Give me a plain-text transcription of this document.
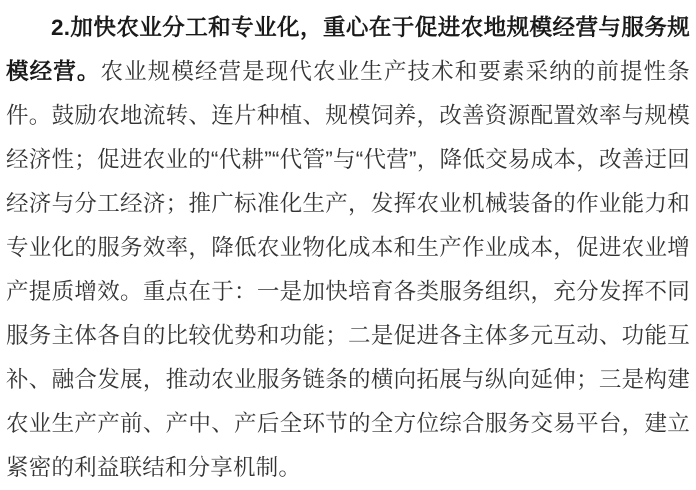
2.加快农业分工和专业化，重心在于促进农地规模经营与服务规模经营。农业规模经营是现代农业生产技术和要素采纳的前提性条件。鼓励农地流转、连片种植、规模饲养，改善资源配置效率与规模经济性；促进农业的“代耕”“代管”与“代营”，降低交易成本，改善迂回经济与分工经济；推广标准化生产，发挥农业机械装备的作业能力和专业化的服务效率，降低农业物化成本和生产作业成本，促进农业增产提质增效。重点在于：一是加快培育各类服务组织，充分发挥不同服务主体各自的比较优势和功能；二是促进各主体多元互动、功能互补、融合发展，推动农业服务链条的横向拓展与纵向延伸；三是构建农业生产产前、产中、产后全环节的全方位综合服务交易平台，建立紧密的利益联结和分享机制。
